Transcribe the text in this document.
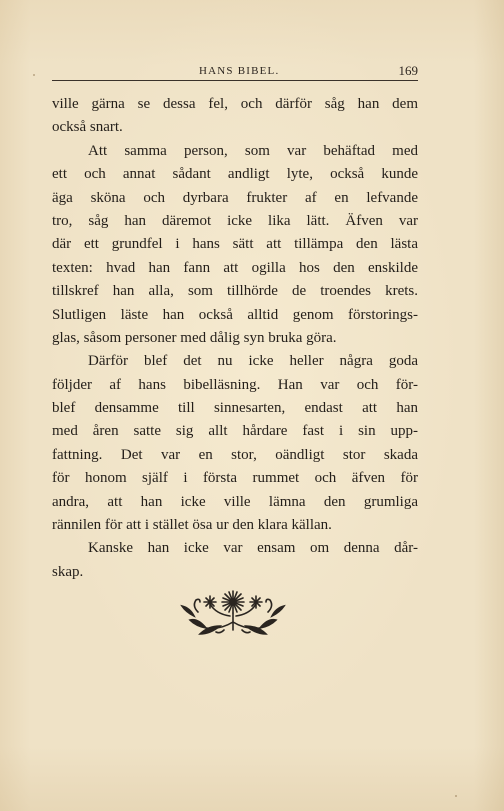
HANS BIBEL.	169
ville gärna se dessa fel, och därför såg han dem
också snart.
Att samma person, som var behäftad med
ett och annat sådant andligt lyte, också kunde
äga sköna och dyrbara frukter af en lefvande
tro, såg han däremot icke lika lätt. Äfven var
där ett grundfel i hans sätt att tillämpa den lästa
texten: hvad han fann att ogilla hos den enskilde
tillskref han alla, som tillhörde de troendes krets.
Slutligen läste han också alltid genom förstorings-
glas, såsom personer med dålig syn bruka göra.
Därför blef det nu icke heller några goda
följder af hans bibelläsning. Han var och för-
blef densamme till sinnesarten, endast att han
med åren satte sig allt hårdare fast i sin upp-
fattning. Det var en stor, oändligt stor skada
för honom själf i första rummet och äfven för
andra, att han icke ville lämna den grumliga
rännilen för att i stället ösa ur den klara källan.
Kanske han icke var ensam om denna dår-
skap.
